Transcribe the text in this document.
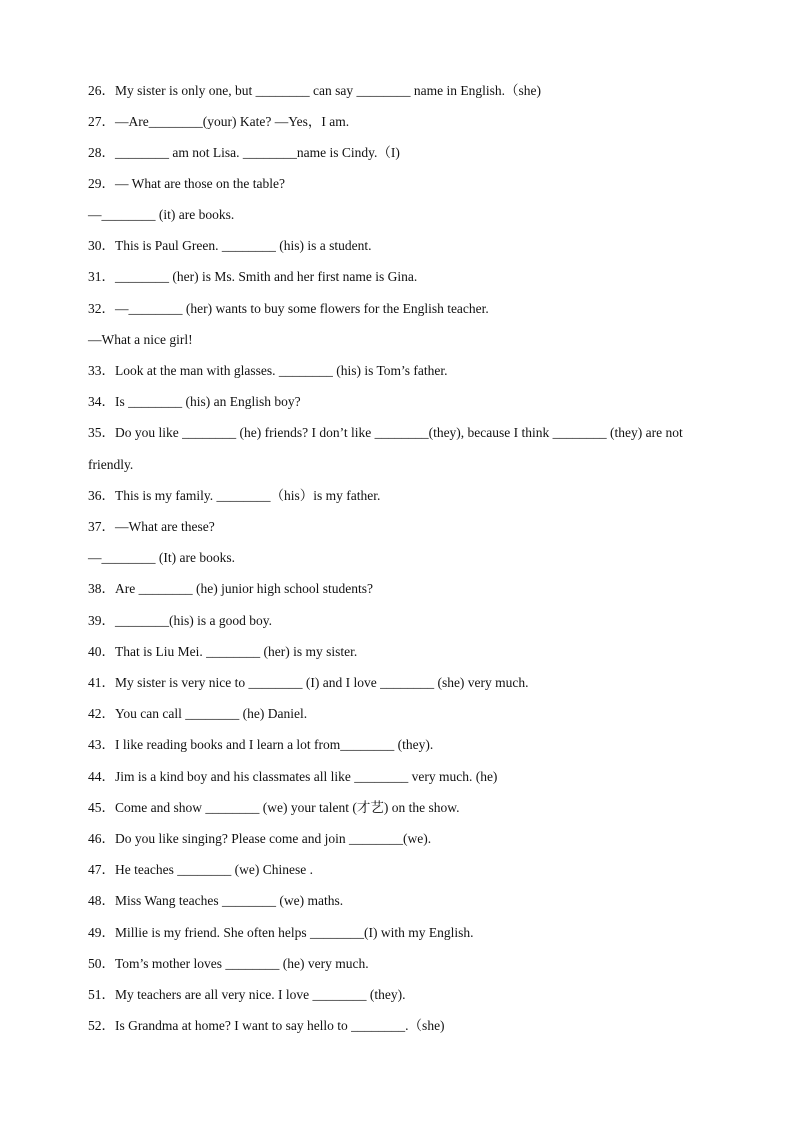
26．My sister is only one, but ________ can say ________ name in English.（she)
27．—Are________(your) Kate? —Yes，I am.
28．________ am not Lisa. ________name is Cindy.（I)
29．— What are those on the table?
—________ (it) are books.
30．This is Paul Green. ________ (his) is a student.
31．________ (her) is Ms. Smith and her first name is Gina.
32．—________ (her) wants to buy some flowers for the English teacher.
—What a nice girl!
33．Look at the man with glasses. ________ (his) is Tom’s father.
34．Is ________ (his) an English boy?
35．Do you like ________ (he) friends? I don’t like ________(they), because I think ________ (they) are not
friendly.
36．This is my family. ________（his）is my father.
37．—What are these?
—________ (It) are books.
38．Are ________ (he) junior high school students?
39．________(his) is a good boy.
40．That is Liu Mei. ________ (her) is my sister.
41．My sister is very nice to ________ (I) and I love ________ (she) very much.
42．You can call ________ (he) Daniel.
43．I like reading books and I learn a lot from________ (they).
44．Jim is a kind boy and his classmates all like ________ very much. (he)
45．Come and show ________ (we) your talent (才艺) on the show.
46．Do you like singing? Please come and join ________(we).
47．He teaches ________ (we) Chinese .
48．Miss Wang teaches ________ (we) maths.
49．Millie is my friend. She often helps ________(I) with my English.
50．Tom’s mother loves ________ (he) very much.
51．My teachers are all very nice. I love ________ (they).
52．Is Grandma at home? I want to say hello to ________.（she)
